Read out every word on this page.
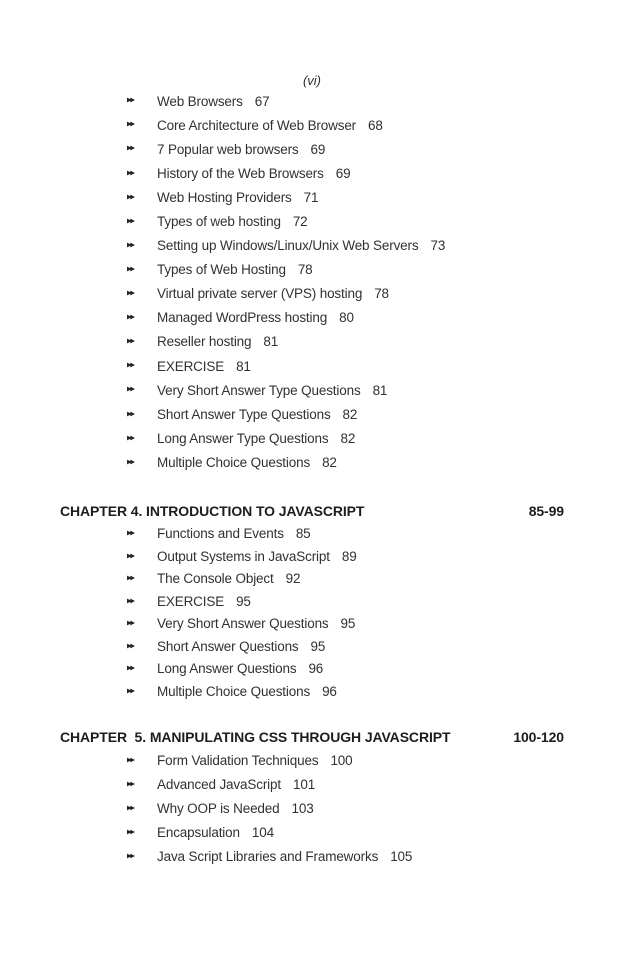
(vi)
▸▸	Web Browsers 67
▸▸	Core Architecture of Web Browser 68
▸▸	7 Popular web browsers 69
▸▸	History of the Web Browsers 69
▸▸	Web Hosting Providers 71
▸▸	Types of web hosting 72
▸▸	Setting up Windows/Linux/Unix Web Servers 73
▸▸	Types of Web Hosting 78
▸▸	Virtual private server (VPS) hosting 78
▸▸	Managed WordPress hosting 80
▸▸	Reseller hosting 81
▸▸	EXERCISE 81
▸▸	Very Short Answer Type Questions 81
▸▸	Short Answer Type Questions 82
▸▸	Long Answer Type Questions 82
▸▸	Multiple Choice Questions 82
CHAPTER 4. INTRODUCTION TO JAVASCRIPT	85-99
▸▸	Functions and Events 85
▸▸	Output Systems in JavaScript 89
▸▸	The Console Object 92
▸▸	EXERCISE 95
▸▸	Very Short Answer Questions 95
▸▸	Short Answer Questions 95
▸▸	Long Answer Questions 96
▸▸	Multiple Choice Questions 96
CHAPTER  5. MANIPULATING CSS THROUGH JAVASCRIPT	100-120
▸▸	Form Validation Techniques 100
▸▸	Advanced JavaScript 101
▸▸	Why OOP is Needed 103
▸▸	Encapsulation 104
▸▸	Java Script Libraries and Frameworks 105
